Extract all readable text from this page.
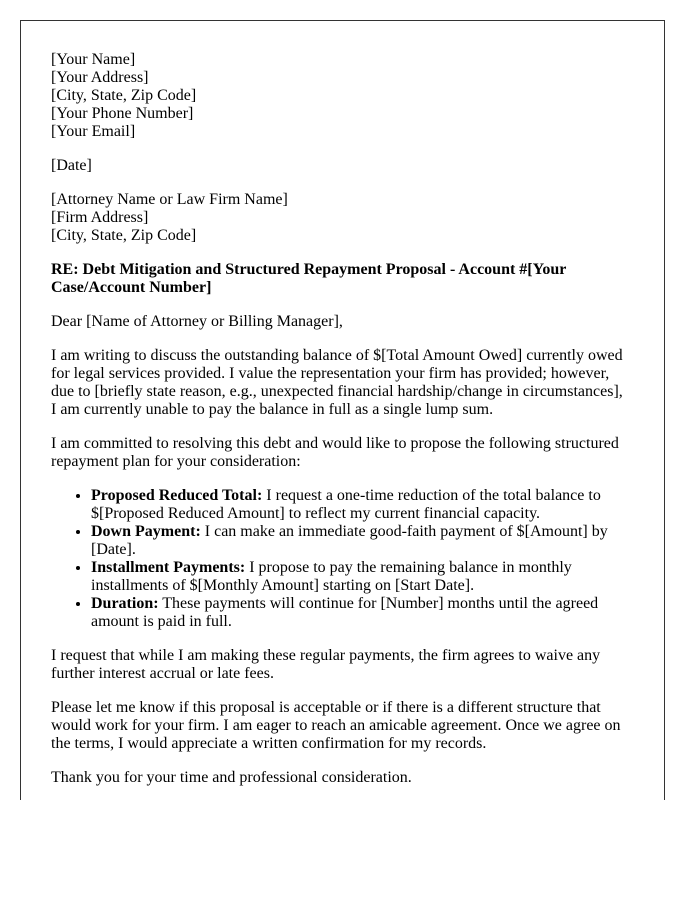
[Your Name]
[Your Address]
[City, State, Zip Code]
[Your Phone Number]
[Your Email]

[Date]

[Attorney Name or Law Firm Name]
[Firm Address]
[City, State, Zip Code]

RE: Debt Mitigation and Structured Repayment Proposal - Account #[Your Case/Account Number]

Dear [Name of Attorney or Billing Manager],

I am writing to discuss the outstanding balance of $[Total Amount Owed] currently owed for legal services provided. I value the representation your firm has provided; however, due to [briefly state reason, e.g., unexpected financial hardship/change in circumstances], I am currently unable to pay the balance in full as a single lump sum.

I am committed to resolving this debt and would like to propose the following structured repayment plan for your consideration:

• Proposed Reduced Total: I request a one-time reduction of the total balance to $[Proposed Reduced Amount] to reflect my current financial capacity.
• Down Payment: I can make an immediate good-faith payment of $[Amount] by [Date].
• Installment Payments: I propose to pay the remaining balance in monthly installments of $[Monthly Amount] starting on [Start Date].
• Duration: These payments will continue for [Number] months until the agreed amount is paid in full.

I request that while I am making these regular payments, the firm agrees to waive any further interest accrual or late fees.

Please let me know if this proposal is acceptable or if there is a different structure that would work for your firm. I am eager to reach an amicable agreement. Once we agree on the terms, I would appreciate a written confirmation for my records.

Thank you for your time and professional consideration.
